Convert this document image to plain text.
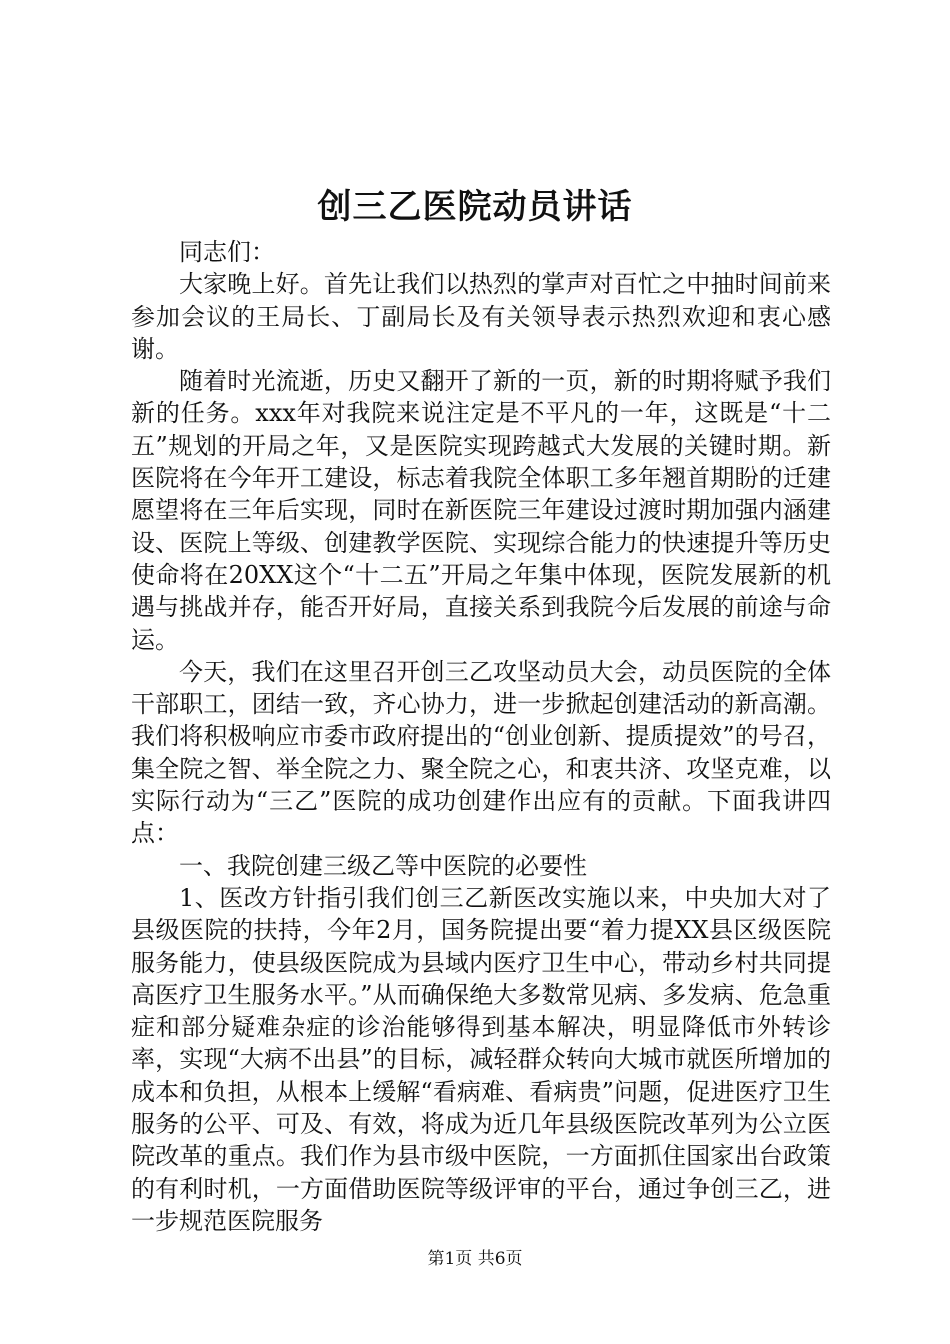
创三乙医院动员讲话

同志们：

大家晚上好。首先让我们以热烈的掌声对百忙之中抽时间前来参加会议的王局长、丁副局长及有关领导表示热烈欢迎和衷心感谢。

随着时光流逝，历史又翻开了新的一页，新的时期将赋予我们新的任务。xxx年对我院来说注定是不平凡的一年，这既是“十二五”规划的开局之年，又是医院实现跨越式大发展的关键时期。新医院将在今年开工建设，标志着我院全体职工多年翘首期盼的迁建愿望将在三年后实现，同时在新医院三年建设过渡时期加强内涵建设、医院上等级、创建教学医院、实现综合能力的快速提升等历史使命将在20XX这个“十二五”开局之年集中体现，医院发展新的机遇与挑战并存，能否开好局，直接关系到我院今后发展的前途与命运。

今天，我们在这里召开创三乙攻坚动员大会，动员医院的全体干部职工，团结一致，齐心协力，进一步掀起创建活动的新高潮。我们将积极响应市委市政府提出的“创业创新、提质提效”的号召，集全院之智、举全院之力、聚全院之心，和衷共济、攻坚克难，以实际行动为“三乙”医院的成功创建作出应有的贡献。下面我讲四点：

一、我院创建三级乙等中医院的必要性

1、医改方针指引我们创三乙新医改实施以来，中央加大对了县级医院的扶持，今年2月，国务院提出要“着力提XX县区级医院服务能力，使县级医院成为县域内医疗卫生中心，带动乡村共同提高医疗卫生服务水平。”从而确保绝大多数常见病、多发病、危急重症和部分疑难杂症的诊治能够得到基本解决，明显降低市外转诊率，实现“大病不出县”的目标，减轻群众转向大城市就医所增加的成本和负担，从根本上缓解“看病难、看病贵”问题，促进医疗卫生服务的公平、可及、有效，将成为近几年县级医院改革列为公立医院改革的重点。我们作为县市级中医院，一方面抓住国家出台政策的有利时机，一方面借助医院等级评审的平台，通过争创三乙，进一步规范医院服务

第1页 共6页
